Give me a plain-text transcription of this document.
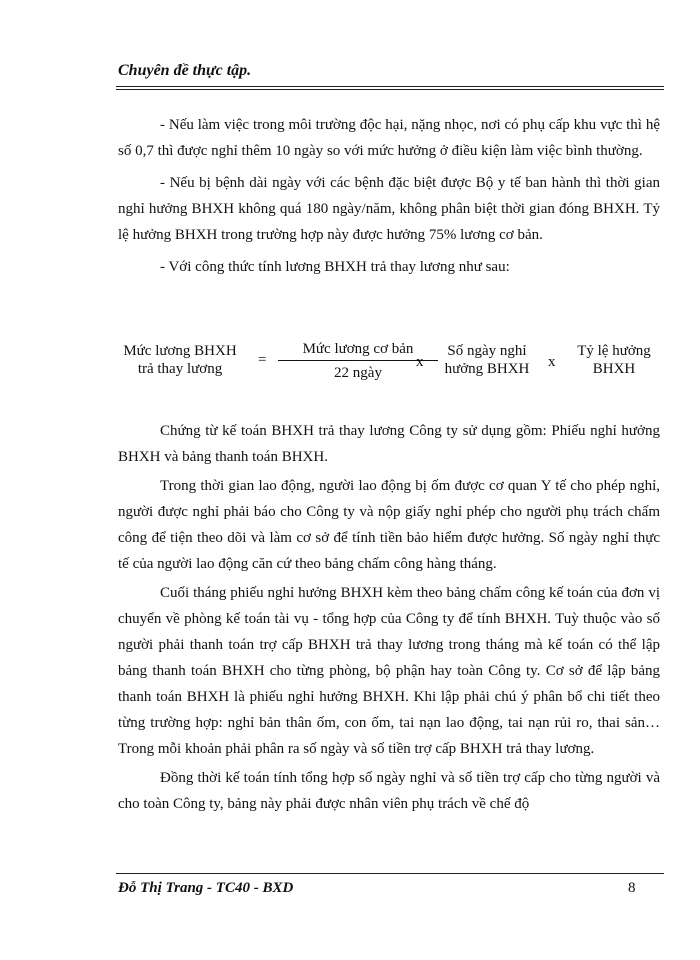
Chuyên đề thực tập.

- Nếu làm việc trong môi trường độc hại, nặng nhọc, nơi có phụ cấp khu vực thì hệ số 0,7 thì được nghỉ thêm 10 ngày so với mức hưởng ở điều kiện làm việc bình thường.

- Nếu bị bệnh dài ngày với các bệnh đặc biệt được Bộ y tế ban hành thì thời gian nghỉ hưởng BHXH không quá 180 ngày/năm, không phân biệt thời gian đóng BHXH. Tỷ lệ hưởng BHXH trong trường hợp này được hưởng 75% lương cơ bản.

- Với công thức tính lương BHXH trả thay lương như sau:

Mức lương BHXH
trả thay lương
=
Mức lương cơ bản
22 ngày
x
Số ngày nghỉ
hưởng BHXH	x
Tỷ lệ hưởng
BHXH

Chứng từ kế toán BHXH trả thay lương Công ty sử dụng gồm: Phiếu nghỉ hưởng BHXH và bảng thanh toán BHXH.

Trong thời gian lao động, người lao động bị ốm được cơ quan Y tế cho phép nghỉ, người được nghỉ phải báo cho Công ty và nộp giấy nghỉ phép cho người phụ trách chấm công để tiện theo dõi và làm cơ sở để tính tiền bảo hiểm được hưởng. Số ngày nghỉ thực tế của người lao động căn cứ theo bảng chấm công hàng tháng.

Cuối tháng phiếu nghỉ hưởng BHXH kèm theo bảng chấm công kế toán của đơn vị chuyển về phòng kế toán tài vụ - tổng hợp của Công ty để tính BHXH. Tuỳ thuộc vào số người phải thanh toán trợ cấp BHXH trả thay lương trong tháng mà kế toán có thể lập bảng thanh toán BHXH cho từng phòng, bộ phận hay toàn Công ty. Cơ sở để lập bảng thanh toán BHXH là phiếu nghỉ hưởng BHXH. Khi lập phải chú ý phân bổ chi tiết theo từng trường hợp: nghỉ bản thân ốm, con ốm, tai nạn lao động, tai nạn rủi ro, thai sản… Trong mỗi khoản phải phân ra số ngày và số tiền trợ cấp BHXH trả thay lương.

Đồng thời kế toán tính tổng hợp số ngày nghỉ và số tiền trợ cấp cho từng người và cho toàn Công ty, bảng này phải được nhân viên phụ trách về chế độ

Đỗ Thị Trang - TC40 - BXD	8
